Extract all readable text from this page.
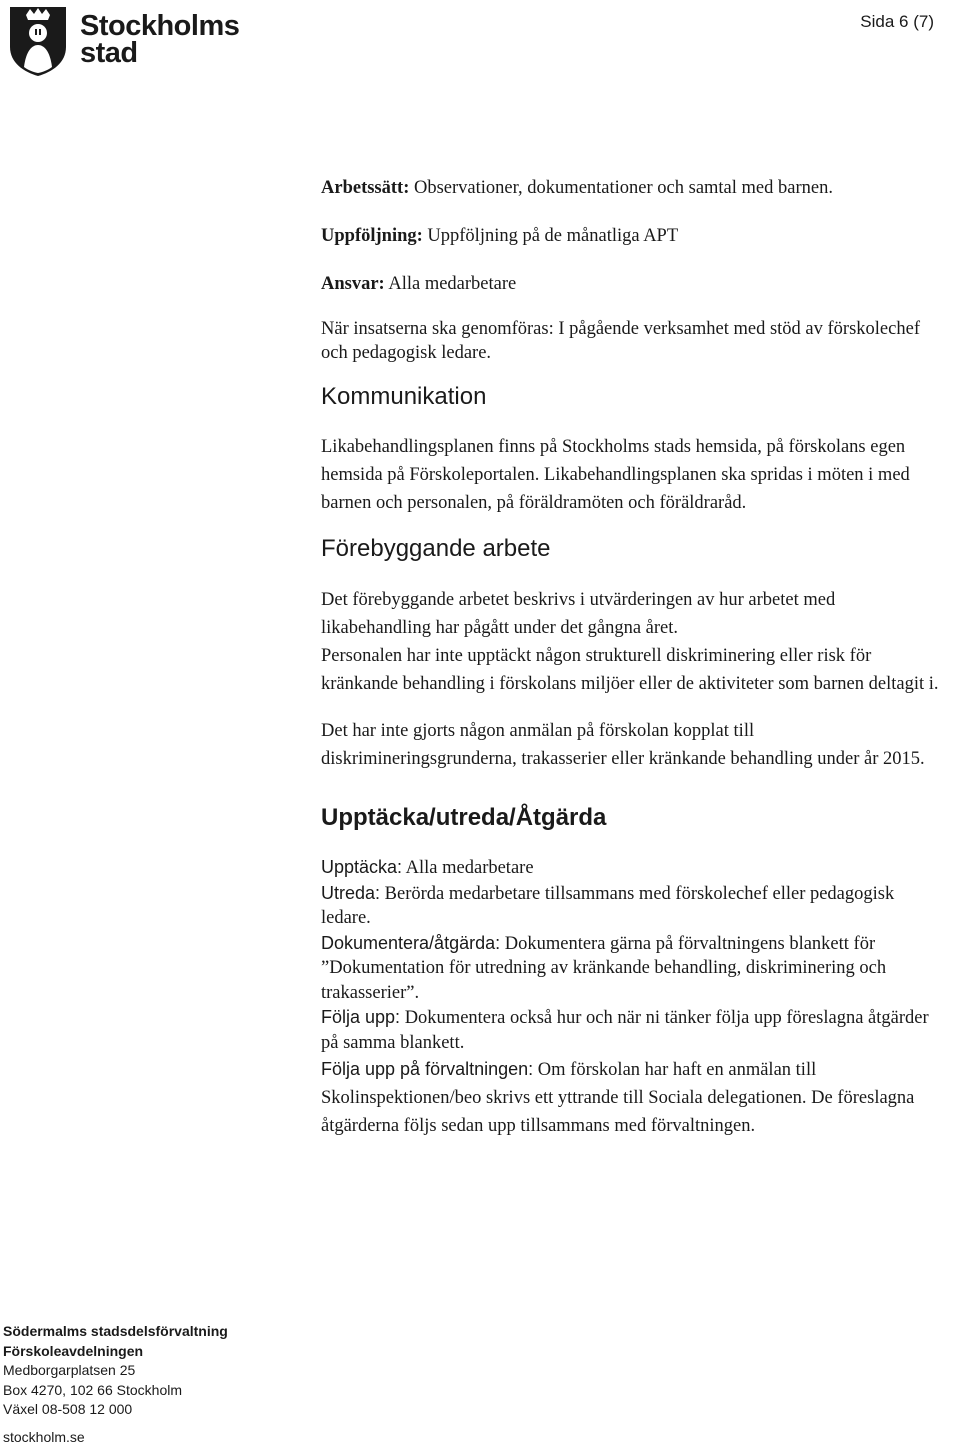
Stockholms
stad
Sida 6 (7)

Arbetssätt: Observationer, dokumentationer och samtal med barnen.

Uppföljning: Uppföljning på de månatliga APT

Ansvar: Alla medarbetare

När insatserna ska genomföras: I pågående verksamhet med stöd av förskolechef och pedagogisk ledare.

Kommunikation

Likabehandlingsplanen finns på Stockholms stads hemsida, på förskolans egen hemsida på Förskoleportalen. Likabehandlingsplanen ska spridas i möten i med barnen och personalen, på föräldramöten och föräldraråd.

Förebyggande arbete

Det förebyggande arbetet beskrivs i utvärderingen av hur arbetet med likabehandling har pågått under det gångna året.

Personalen har inte upptäckt någon strukturell diskriminering eller risk för kränkande behandling i förskolans miljöer eller de aktiviteter som barnen deltagit i.

Det har inte gjorts någon anmälan på förskolan kopplat till diskrimineringsgrunderna, trakasserier eller kränkande behandling under år 2015.

Upptäcka/utreda/Åtgärda

Upptäcka: Alla medarbetare

Utreda: Berörda medarbetare tillsammans med förskolechef eller pedagogisk ledare.

Dokumentera/åtgärda: Dokumentera gärna på förvaltningens blankett för ”Dokumentation för utredning av kränkande behandling, diskriminering och trakasserier”.

Följa upp: Dokumentera också hur och när ni tänker följa upp föreslagna åtgärder på samma blankett.

Följa upp på förvaltningen: Om förskolan har haft en anmälan till Skolinspektionen/beo skrivs ett yttrande till Sociala delegationen. De föreslagna åtgärderna följs sedan upp tillsammans med förvaltningen.

Södermalms stadsdelsförvaltning
Förskoleavdelningen
Medborgarplatsen 25
Box 4270, 102 66 Stockholm
Växel 08-508 12 000
stockholm.se
